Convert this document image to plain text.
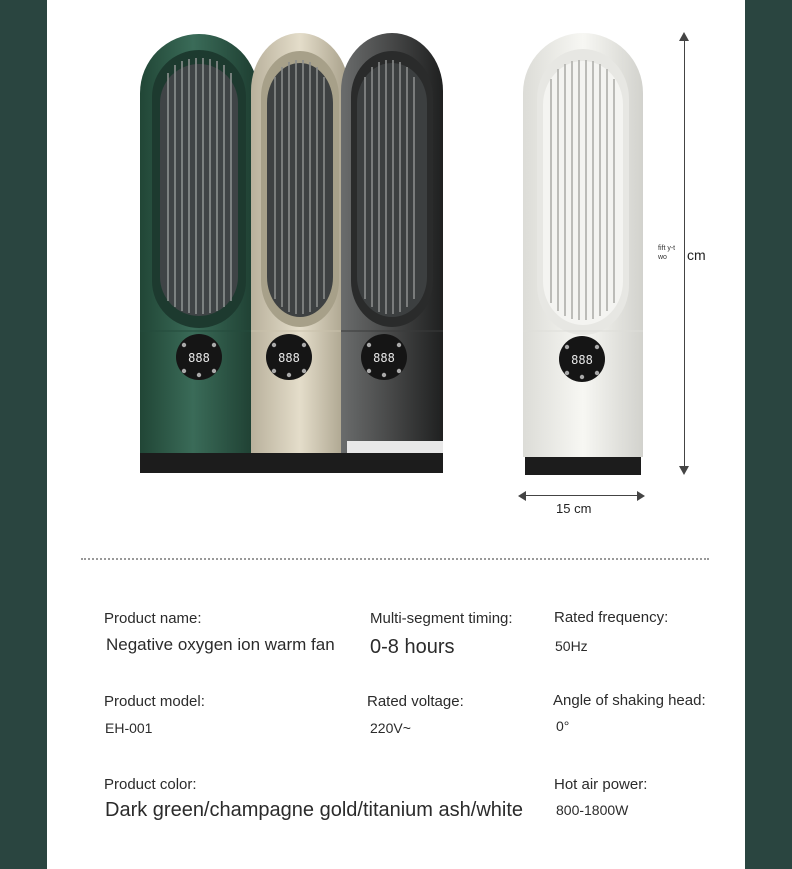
888	888	888	888
fift y-t wo	cm
15 cm
Product name:
Negative oxygen ion warm fan
Multi-segment timing:
0-8 hours
Rated frequency:
50Hz
Product model:
EH-001
Rated voltage:
220V~
Angle of shaking head:
0°
Product color:
Dark green/champagne gold/titanium ash/white
Hot air power:
800-1800W
